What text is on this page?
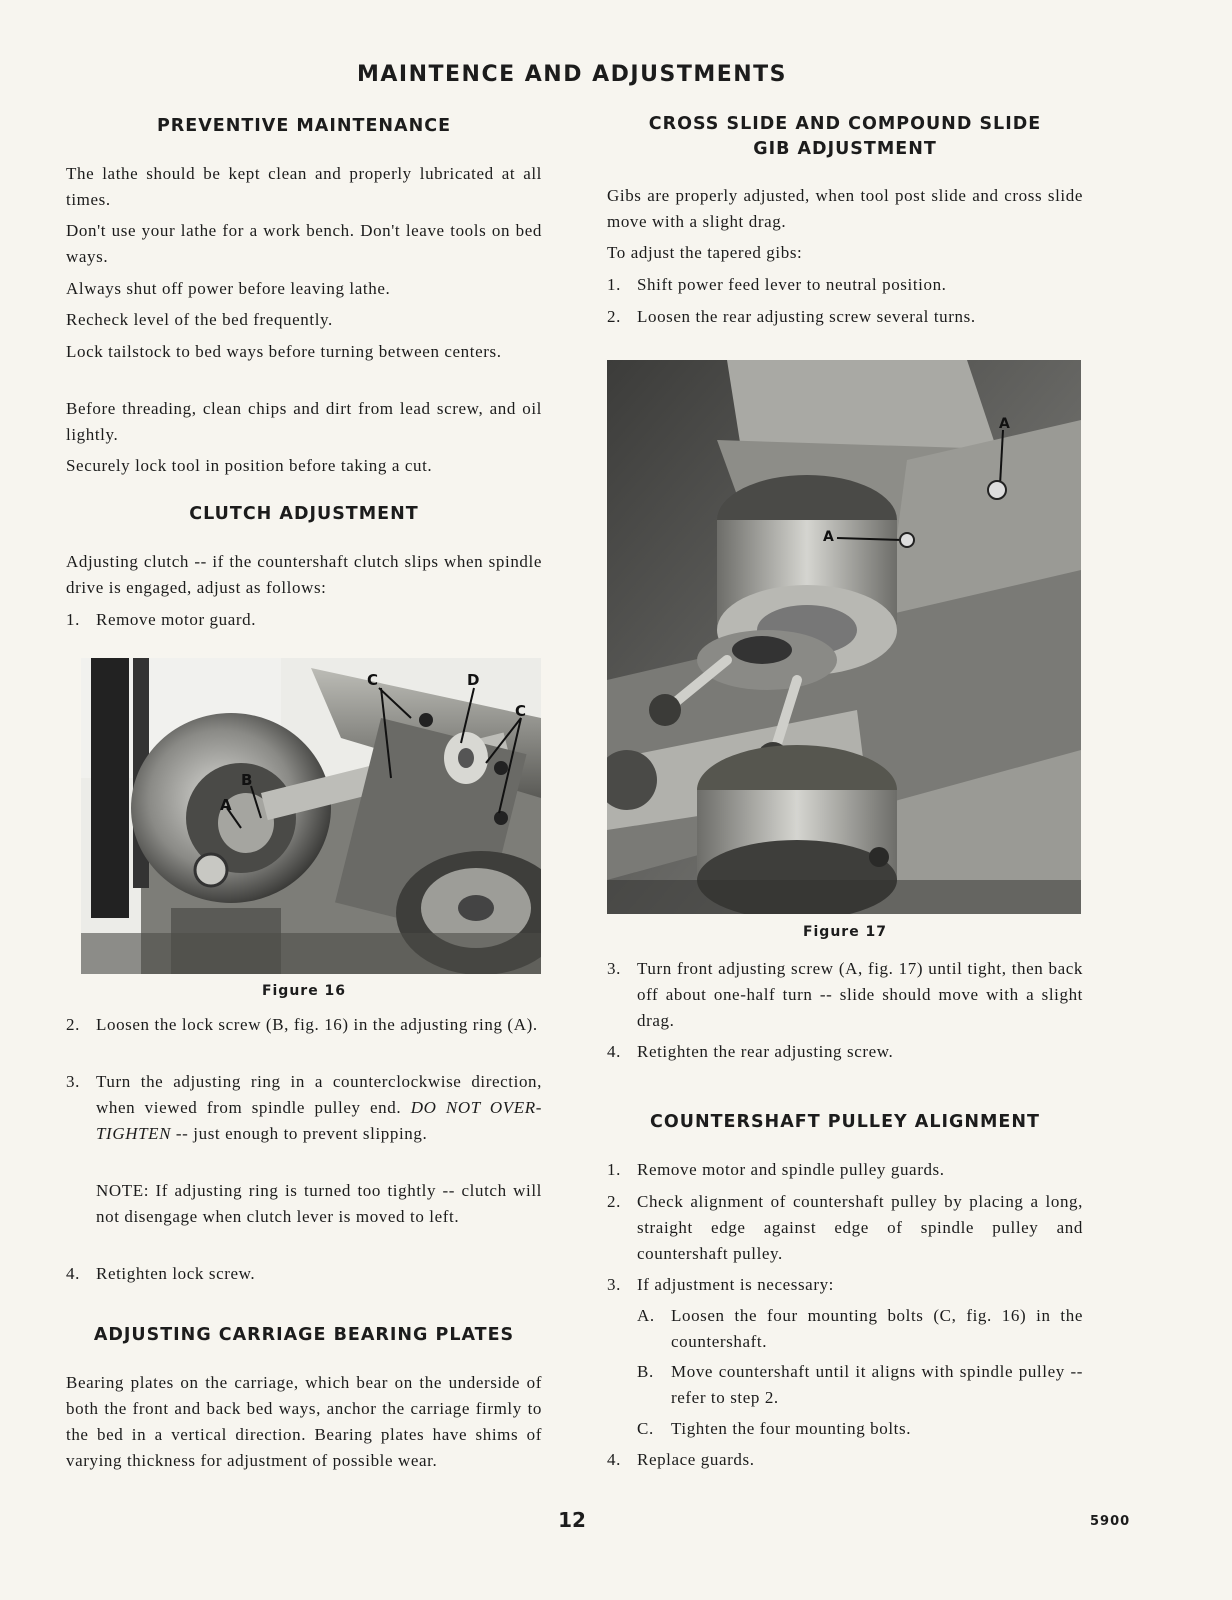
MAINTENCE AND ADJUSTMENTS
PREVENTIVE MAINTENANCE

The lathe should be kept clean and properly lubricated at all times.

Don't use your lathe for a work bench. Don't leave tools on bed ways.

Always shut off power before leaving lathe.

Recheck level of the bed frequently.

Lock tailstock to bed ways before turning between centers.

Before threading, clean chips and dirt from lead screw, and oil lightly.

Securely lock tool in position before taking a cut.

CLUTCH ADJUSTMENT

Adjusting clutch -- if the countershaft clutch slips when spindle drive is engaged, adjust as follows:

1. Remove motor guard.
A
B
C	D
C
Figure 16
2. Loosen the lock screw (B, fig. 16) in the adjusting ring (A).
3. Turn the adjusting ring in a counterclockwise direction, when viewed from spindle pulley end. DO NOT OVER-TIGHTEN -- just enough to prevent slipping.

NOTE: If adjusting ring is turned too tightly -- clutch will not disengage when clutch lever is moved to left.

4. Retighten lock screw.
ADJUSTING CARRIAGE BEARING PLATES

Bearing plates on the carriage, which bear on the underside of both the front and back bed ways, anchor the carriage firmly to the bed in a vertical direction. Bearing plates have shims of varying thickness for adjustment of possible wear.

CROSS SLIDE AND COMPOUND SLIDE
GIB ADJUSTMENT

Gibs are properly adjusted, when tool post slide and cross slide move with a slight drag.

To adjust the tapered gibs:

1. Shift power feed lever to neutral position.
2. Loosen the rear adjusting screw several turns.
A
A
Figure 17
3. Turn front adjusting screw (A, fig. 17) until tight, then back off about one-half turn -- slide should move with a slight drag.
4. Retighten the rear adjusting screw.
COUNTERSHAFT PULLEY ALIGNMENT
1. Remove motor and spindle pulley guards.
2. Check alignment of countershaft pulley by placing a long, straight edge against edge of spindle pulley and countershaft pulley.
3. If adjustment is necessary:
A. Loosen the four mounting bolts (C, fig. 16) in the countershaft.
B. Move countershaft until it aligns with spindle pulley -- refer to step 2.
C. Tighten the four mounting bolts.
4. Replace guards.
12	5900
